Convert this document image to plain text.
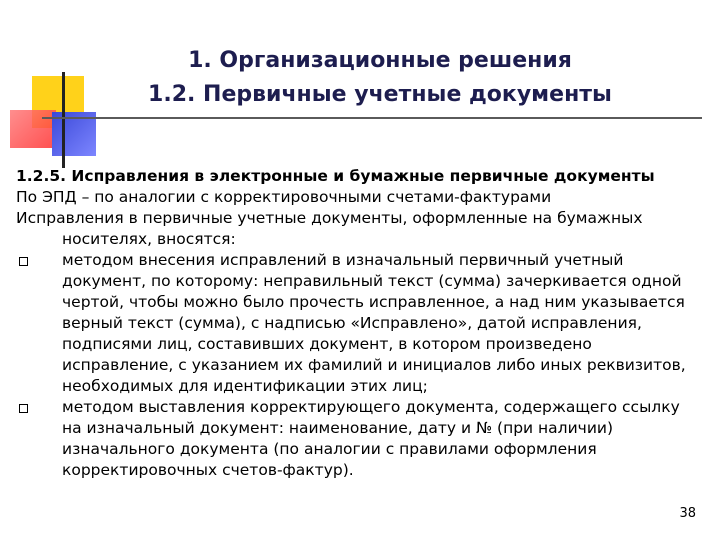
1. Организационные решения
1.2. Первичные учетные документы
1.2.5. Исправления в электронные и бумажные первичные документы
По ЭПД – по аналогии с корректировочными счетами-фактурами
Исправления в первичные учетные документы, оформленные на бумажных носителях, вносятся:
методом внесения исправлений в изначальный первичный учетный документ, по которому: неправильный текст (сумма) зачеркивается одной чертой, чтобы можно было прочесть исправленное, а над ним указывается верный текст (сумма), с надписью «Исправлено», датой исправления, подписями лиц, составивших документ, в котором произведено исправление, с указанием их фамилий и инициалов либо иных реквизитов, необходимых для идентификации этих лиц;
методом выставления корректирующего документа, содержащего ссылку на изначальный документ: наименование, дату и № (при наличии) изначального документа (по аналогии с правилами оформления корректировочных счетов-фактур).
38
